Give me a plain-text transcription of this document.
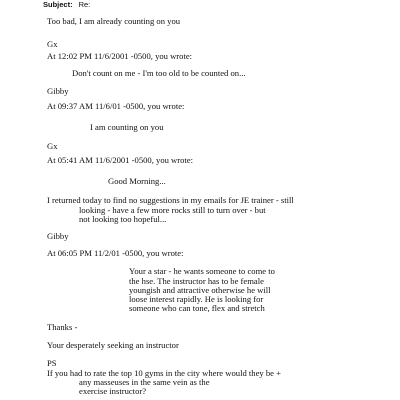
Subject: Re:
Too bad, I am already counting on you
Gx
At 12:02 PM 11/6/2001 -0500, you wrote:
Don't count on me - I'm too old to be counted on...
Gibby
At 09:37 AM 11/6/01 -0500, you wrote:
I am counting on you
Gx
At 05:41 AM 11/6/2001 -0500, you wrote:
Good Morning...
I returned today to find no suggestions in my emails for JE trainer - still
looking - have a few more rocks still to turn over - but
not looking too hopeful...
Gibby
At 06:05 PM 11/2/01 -0500, you wrote:
Your a star - he wants someone to come to
the hse. The instructor has to be female
youngish and attractive otherwise he will
loose interest rapidly. He is looking for
someone who can tone, flex and stretch
Thanks -
Your desperately seeking an instructor
PS
If you had to rate the top 10 gyms in the city where would they be +
any masseuses in the same vein as the
exercise instructor?
